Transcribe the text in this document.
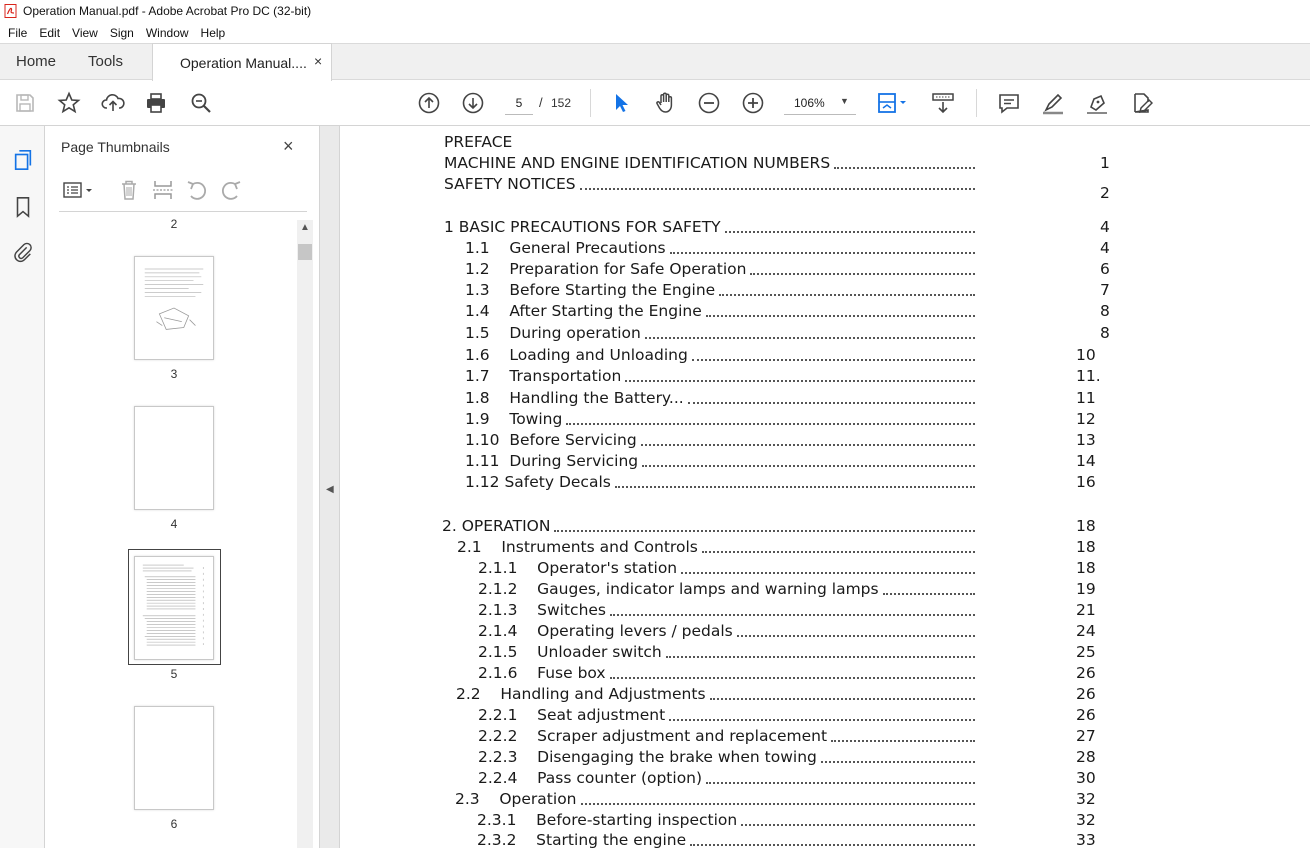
Operation Manual.pdf - Adobe Acrobat Pro DC (32-bit)
File	Edit	View	Sign	Window	Help
Home Tools	Operation Manual.... ×
5
/ 152	106% ▼
Page Thumbnails	×
2
3
4
5
6
▲
◀
PREFACE
MACHINE AND ENGINE IDENTIFICATION NUMBERS	1
SAFETY NOTICES	2
1 BASIC PRECAUTIONS FOR SAFETY	4
1.1    General Precautions	4
1.2    Preparation for Safe Operation	6
1.3    Before Starting the Engine	7
1.4    After Starting the Engine	8
1.5    During operation	8
1.6    Loading and Unloading	10
1.7    Transportation	11.
1.8    Handling the Battery...	11
1.9    Towing	12
1.10  Before Servicing	13
1.11  During Servicing	14
1.12 Safety Decals	16
2. OPERATION	18
2.1    Instruments and Controls	18
2.1.1    Operator's station	18
2.1.2    Gauges, indicator lamps and warning lamps	19
2.1.3    Switches	21
2.1.4    Operating levers / pedals	24
2.1.5    Unloader switch	25
2.1.6    Fuse box	26
2.2    Handling and Adjustments	26
2.2.1    Seat adjustment	26
2.2.2    Scraper adjustment and replacement	27
2.2.3    Disengaging the brake when towing	28
2.2.4    Pass counter (option)	30
2.3    Operation	32
2.3.1    Before-starting inspection	32
2.3.2    Starting the engine	33
